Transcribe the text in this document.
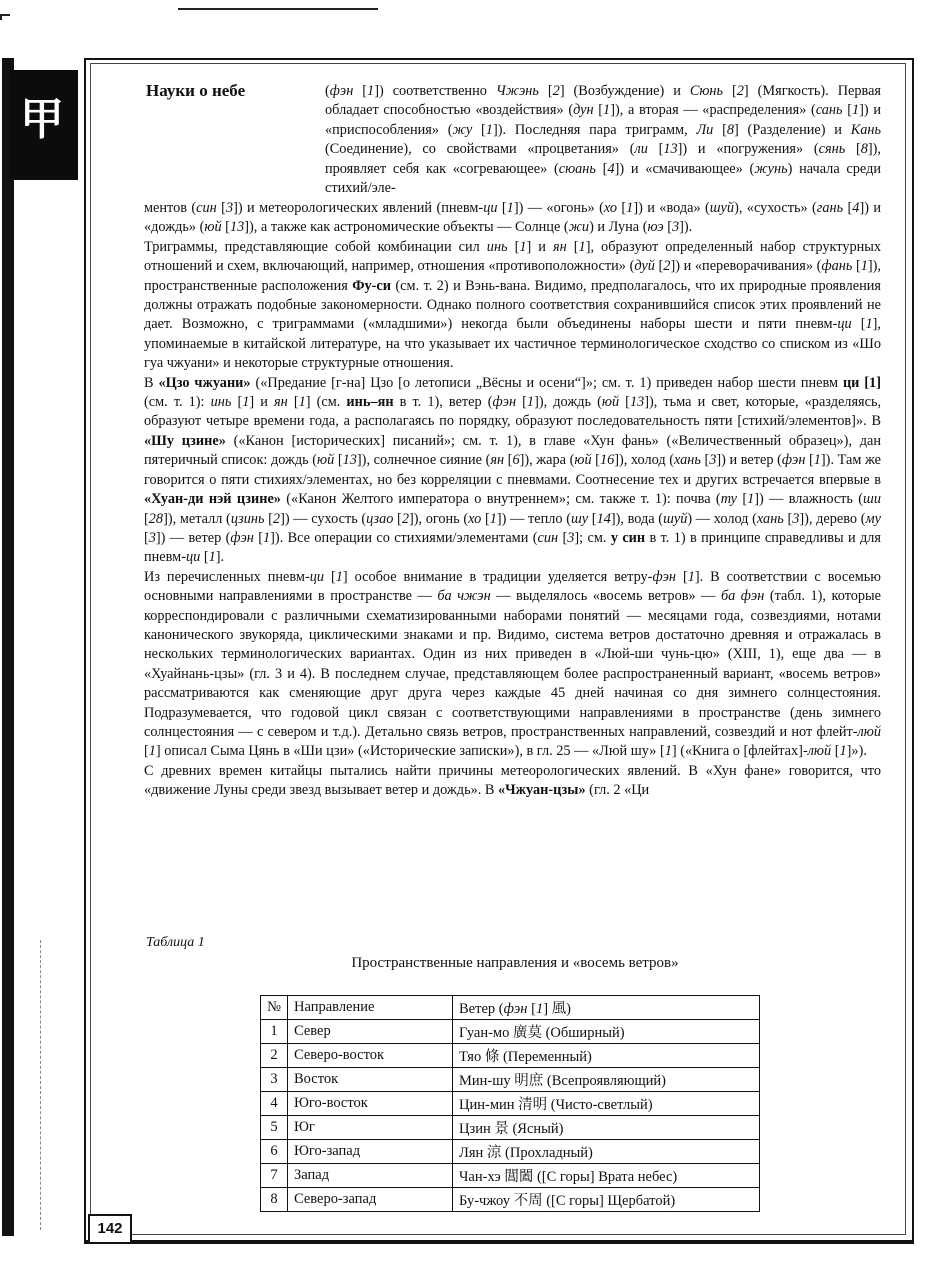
甲
Науки о небе	(фэн [1]) соответственно Чжэнь [2] (Возбуждение) и Сюнь [2] (Мягкость). Первая обладает способностью «воздействия» (дун [1]), а вторая — «распределения» (сань [1]) и «приспособления» (жу [1]). Последняя пара триграмм, Ли [8] (Разделение) и Кань (Соединение), со свойствами «процветания» (ли [13]) и «погружения» (сянь [8]), проявляет себя как «согревающее» (сюань [4]) и «смачивающее» (жунь) начала среди стихий/эле-

ментов (син [3]) и метеорологических явлений (пневм-ци [1]) — «огонь» (хо [1]) и «вода» (шуй), «сухость» (гань [4]) и «дождь» (юй [13]), а также как астрономические объекты — Солнце (жи) и Луна (юэ [3]).

Триграммы, представляющие собой комбинации сил инь [1] и ян [1], образуют определенный набор структурных отношений и схем, включающий, например, отношения «противоположности» (дуй [2]) и «переворачивания» (фань [1]), пространственные расположения Фу-си (см. т. 2) и Вэнь-вана. Видимо, предполагалось, что их природные проявления должны отражать подобные закономерности. Однако полного соответствия сохранившийся список этих проявлений не дает. Возможно, с триграммами («младшими») некогда были объединены наборы шести и пяти пневм-ци [1], упоминаемые в китайской литературе, на что указывает их частичное терминологическое сходство со списком из «Шо гуа чжуани» и некоторые структурные отношения.

В «Цзо чжуани» («Предание [г-на] Цзо [о летописи „Вёсны и осени“]»; см. т. 1) приведен набор шести пневм ци [1] (см. т. 1): инь [1] и ян [1] (см. инь–ян в т. 1), ветер (фэн [1]), дождь (юй [13]), тьма и свет, которые, «разделяясь, образуют четыре времени года, а располагаясь по порядку, образуют последовательность пяти [стихий/элементов]». В «Шу цзине» («Канон [исторических] писаний»; см. т. 1), в главе «Хун фань» («Величественный образец»), дан пятеричный список: дождь (юй [13]), солнечное сияние (ян [6]), жара (юй [16]), холод (хань [3]) и ветер (фэн [1]). Там же говорится о пяти стихиях/элементах, но без корреляции с пневмами. Соотнесение тех и других встречается впервые в «Хуан-ди нэй цзине» («Канон Желтого императора о внутреннем»; см. также т. 1): почва (ту [1]) — влажность (ши [28]), металл (цзинь [2]) — сухость (цзао [2]), огонь (хо [1]) — тепло (шу [14]), вода (шуй) — холод (хань [3]), дерево (му [3]) — ветер (фэн [1]). Все операции со стихиями/элементами (син [3]; см. у син в т. 1) в принципе справедливы и для пневм-ци [1].

Из перечисленных пневм-ци [1] особое внимание в традиции уделяется ветру-фэн [1]. В соответствии с восемью основными направлениями в пространстве — ба чжэн — выделялось «восемь ветров» — ба фэн (табл. 1), которые корреспондировали с различными схематизированными наборами понятий — месяцами года, созвездиями, нотами канонического звукоряда, циклическими знаками и пр. Видимо, система ветров достаточно древняя и отражалась в нескольких терминологических вариантах. Один из них приведен в «Люй-ши чунь-цю» (XIII, 1), еще два — в «Хуайнань-цзы» (гл. 3 и 4). В последнем случае, представляющем более распространенный вариант, «восемь ветров» рассматриваются как сменяющие друг друга через каждые 45 дней начиная со дня зимнего солнцестояния. Подразумевается, что годовой цикл связан с соответствующими направлениями в пространстве (день зимнего солнцестояния — с севером и т.д.). Детально связь ветров, пространственных направлений, созвездий и нот флейт-люй [1] описал Сыма Цянь в «Ши цзи» («Исторические записки»), в гл. 25 — «Люй шу» [1] («Книга о [флейтах]-люй [1]»).

С древних времен китайцы пытались найти причины метеорологических явлений. В «Хун фане» говорится, что «движение Луны среди звезд вызывает ветер и дождь». В «Чжуан-цзы» (гл. 2 «Ци

Таблица 1
Пространственные направления и «восемь ветров»
№	Направление	Ветер (фэн [1] 風)
1	Север	Гуан-мо 廣莫 (Обширный)
2	Северо-восток	Тяо 條 (Переменный)
3	Восток	Мин-шу 明庶 (Всепроявляющий)
4	Юго-восток	Цин-мин 清明 (Чисто-светлый)
5	Юг	Цзин 景 (Ясный)
6	Юго-запад	Лян 涼 (Прохладный)
7	Запад	Чан-хэ 閶闔 ([С горы] Врата небес)
8	Северо-запад	Бу-чжоу 不周 ([С горы] Щербатой)
142
